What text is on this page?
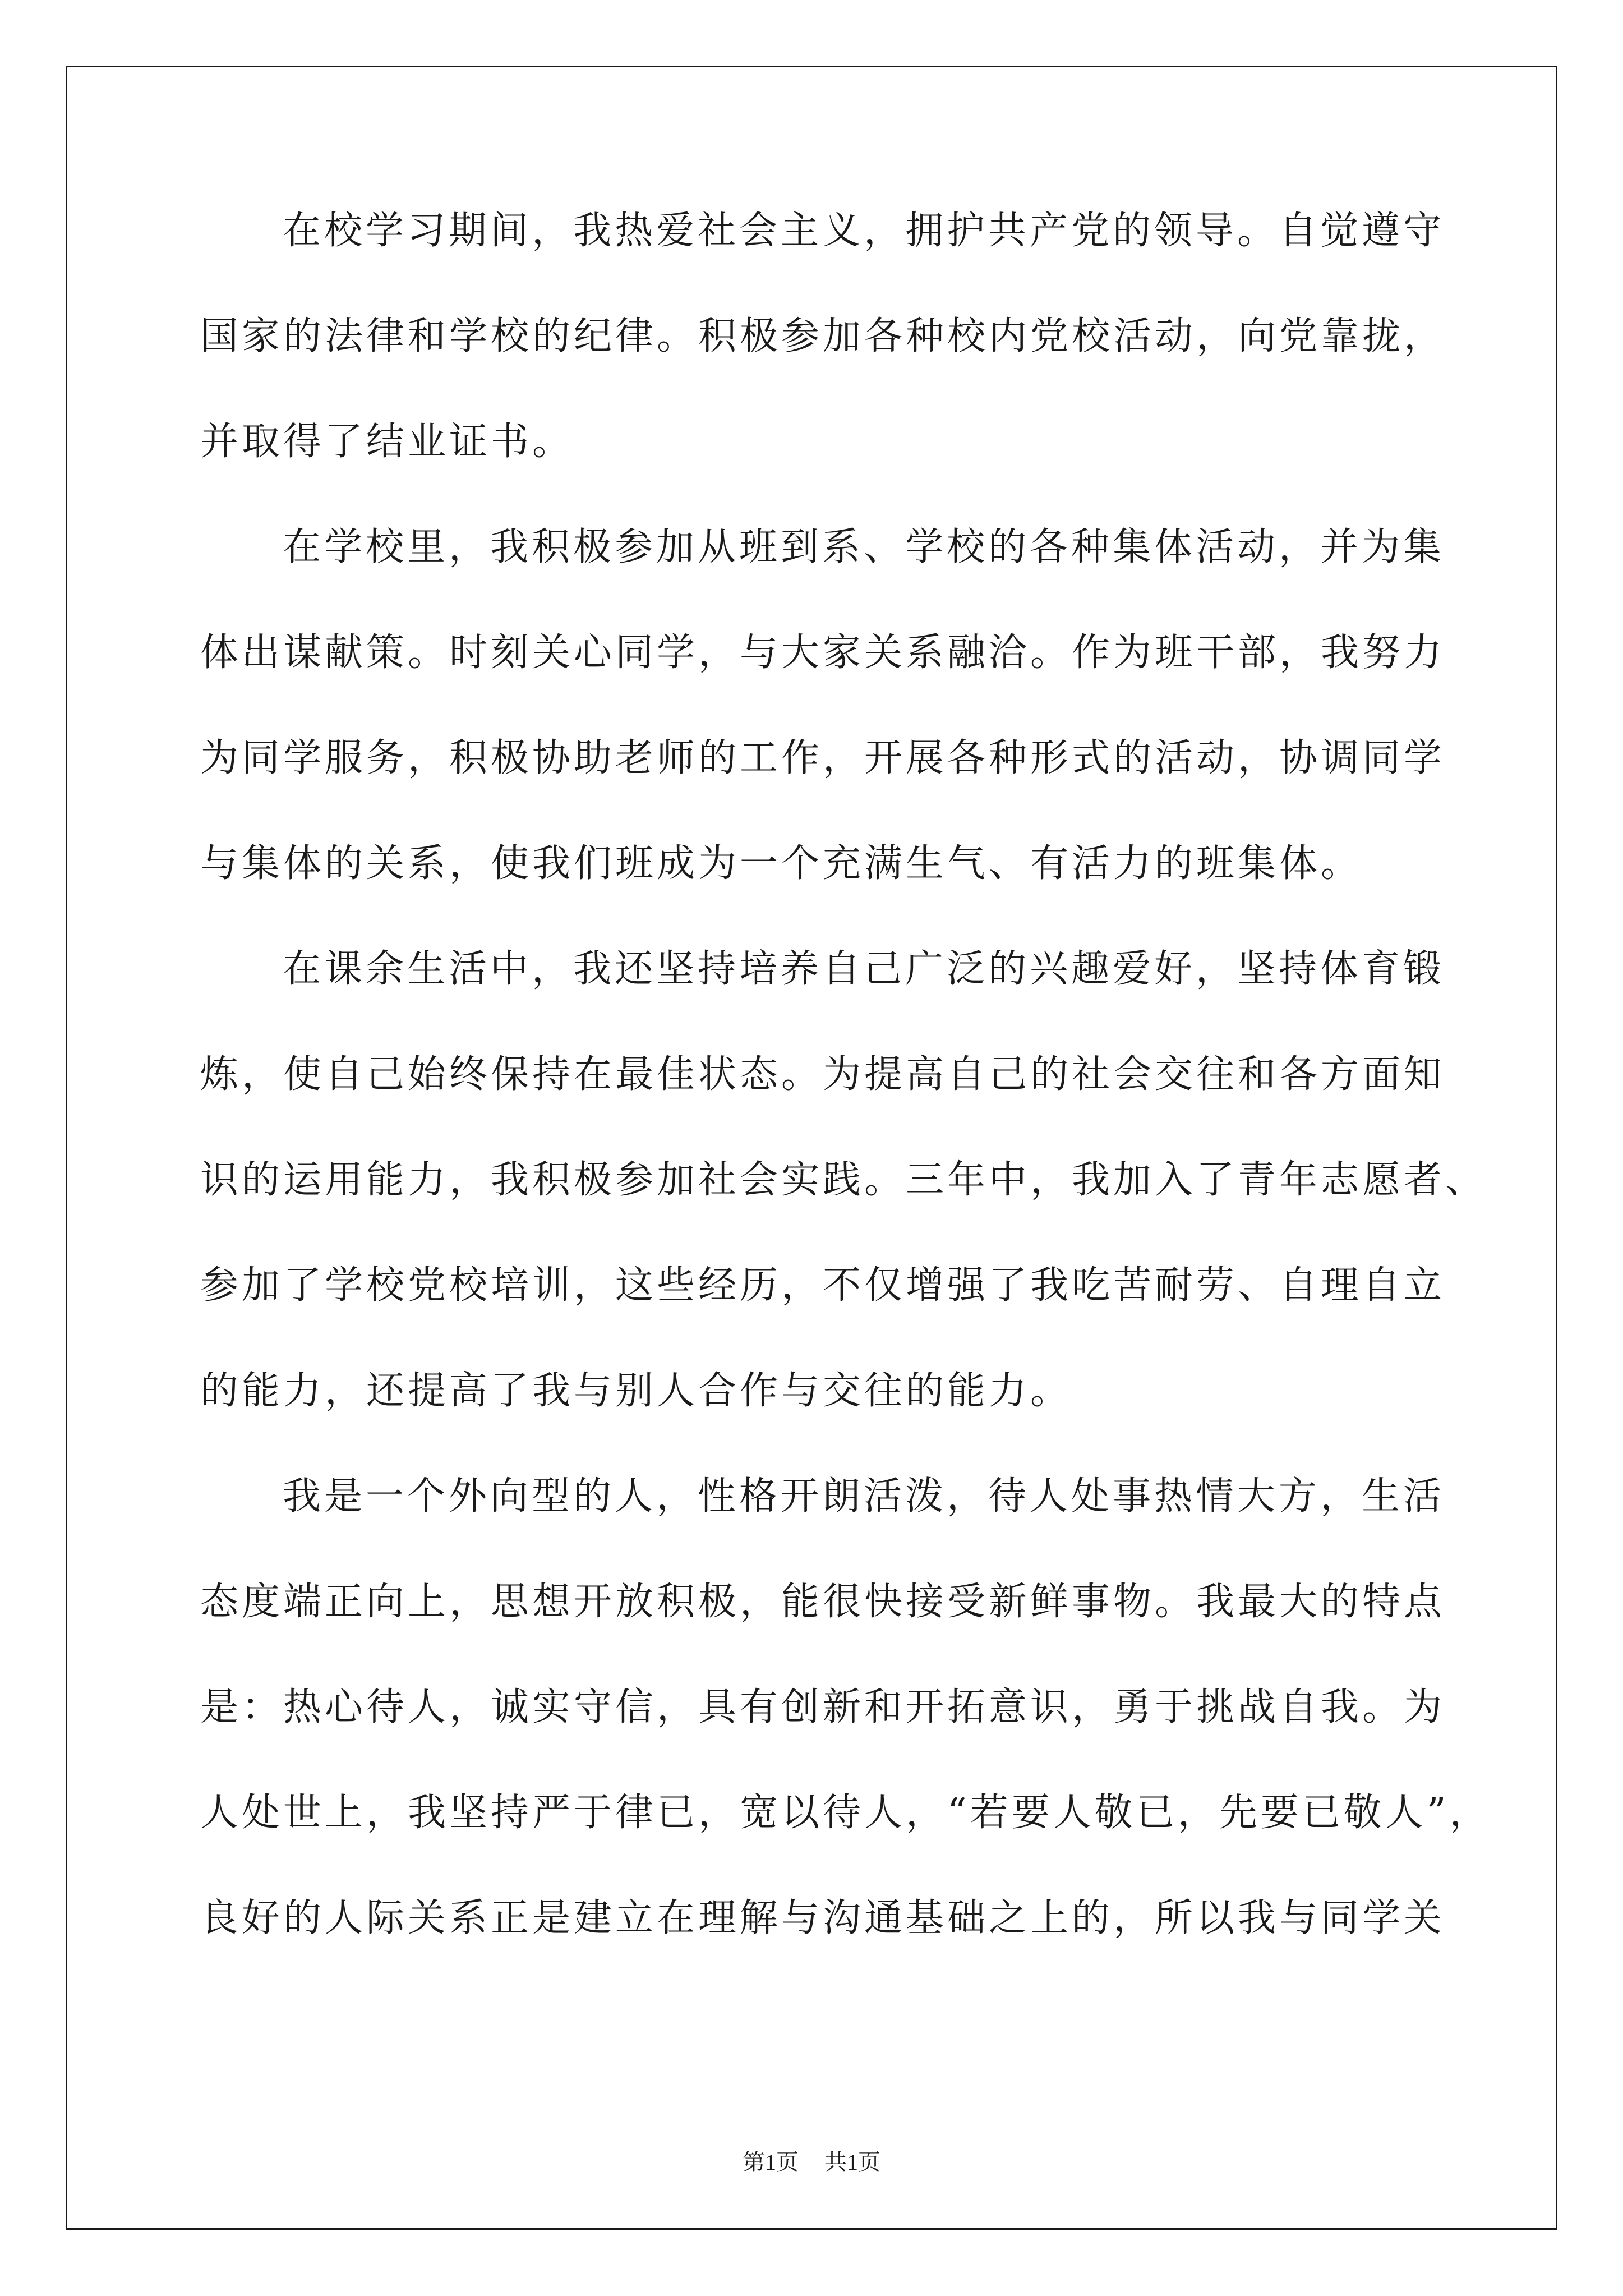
在校学习期间，我热爱社会主义，拥护共产党的领导。自觉遵守
国家的法律和学校的纪律。积极参加各种校内党校活动，向党靠拢，
并取得了结业证书。
在学校里，我积极参加从班到系、学校的各种集体活动，并为集
体出谋献策。时刻关心同学，与大家关系融洽。作为班干部，我努力
为同学服务，积极协助老师的工作，开展各种形式的活动，协调同学
与集体的关系，使我们班成为一个充满生气、有活力的班集体。
在课余生活中，我还坚持培养自己广泛的兴趣爱好，坚持体育锻
炼，使自己始终保持在最佳状态。为提高自己的社会交往和各方面知
识的运用能力，我积极参加社会实践。三年中，我加入了青年志愿者、
参加了学校党校培训，这些经历，不仅增强了我吃苦耐劳、自理自立
的能力，还提高了我与别人合作与交往的能力。
我是一个外向型的人，性格开朗活泼，待人处事热情大方，生活
态度端正向上，思想开放积极，能很快接受新鲜事物。我最大的特点
是：热心待人，诚实守信，具有创新和开拓意识，勇于挑战自我。为
人处世上，我坚持严于律已，宽以待人，“若要人敬已，先要已敬人”，
良好的人际关系正是建立在理解与沟通基础之上的，所以我与同学关
第1页 共1页
